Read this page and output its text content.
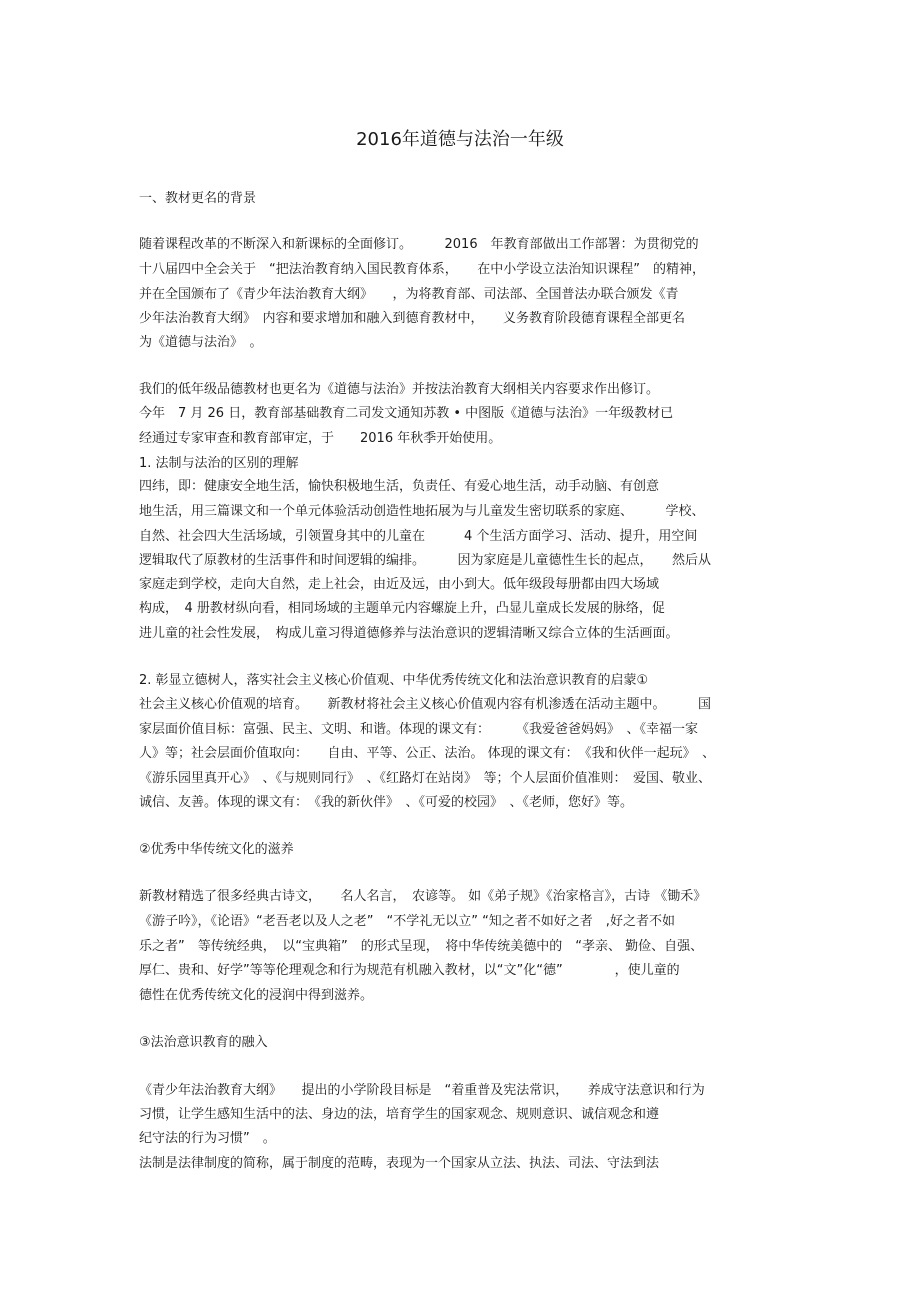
2016年道德与法治一年级
一、教材更名的背景
随着课程改革的不断深入和新课标的全面修订。　　　2016　年教育部做出工作部署：为贯彻党的
十八届四中全会关于　“把法治教育纳入国民教育体系，　　在中小学设立法治知识课程”　的精神，
并在全国颁布了《青少年法治教育大纲》　　，为将教育部、司法部、全国普法办联合颁发《青
少年法治教育大纲》　内容和要求增加和融入到德育教材中，　　义务教育阶段德育课程全部更名
为《道德与法治》　。
我们的低年级品德教材也更名为《道德与法治》并按法治教育大纲相关内容要求作出修订。
今年　7 月 26 日，教育部基础教育二司发文通知苏教 • 中图版《道德与法治》一年级教材已
经通过专家审查和教育部审定，于　　2016 年秋季开始使用。
1. 法制与法治的区别的理解
四纬，即：健康安全地生活，愉快积极地生活，负责任、有爱心地生活，动手动脑、有创意
地生活，用三篇课文和一个单元体验活动创造性地拓展为与儿童发生密切联系的家庭、　　　学校、
自然、社会四大生活场域，引领置身其中的儿童在　　　4 个生活方面学习、活动、提升，用空间
逻辑取代了原教材的生活事件和时间逻辑的编排。　　　因为家庭是儿童德性生长的起点，　　然后从
家庭走到学校，走向大自然，走上社会，由近及远，由小到大。低年级段每册都由四大场域
构成，　4 册教材纵向看，相同场域的主题单元内容螺旋上升，凸显儿童成长发展的脉络，促
进儿童的社会性发展，　构成儿童习得道德修养与法治意识的逻辑清晰又综合立体的生活画面。
2. 彰显立德树人，落实社会主义核心价值观、中华优秀传统文化和法治意识教育的启蒙①
社会主义核心价值观的培育。　　新教材将社会主义核心价值观内容有机渗透在活动主题中。　　　国
家层面价值目标：富强、民主、文明、和谐。体现的课文有：　　　《我爱爸爸妈妈》　、《幸福一家
人》等；社会层面价值取向：　　自由、平等、公正、法治。 体现的课文有：　《我和伙伴一起玩》　、
《游乐园里真开心》　、《与规则同行》　、《红路灯在站岗》　等；个人层面价值准则：　爱国、敬业、
诚信、友善。体现的课文有：　《我的新伙伴》　、《可爱的校园》　、《老师，您好》等。
②优秀中华传统文化的滋养
新教材精选了很多经典古诗文，　　名人名言，　农谚等。 如《弟子规》《治家格言》，古诗 《锄禾》
《游子吟》，《论语》“老吾老以及人之老”　“不学礼无以立” “知之者不如好之者　,好之者不如
乐之者”　等传统经典，　以“宝典箱”　的形式呈现，　将中华传统美德中的　“孝亲、 勤俭、自强、
厚仁、贵和、好学”等等伦理观念和行为规范有机融入教材，以“文”化“德”　　　　，使儿童的
德性在优秀传统文化的浸润中得到滋养。
③法治意识教育的融入
《青少年法治教育大纲》　　提出的小学阶段目标是　“着重普及宪法常识，　　养成守法意识和行为
习惯，让学生感知生活中的法、身边的法，培育学生的国家观念、规则意识、诚信观念和遵
纪守法的行为习惯”　。
法制是法律制度的简称，属于制度的范畴，表现为一个国家从立法、执法、司法、守法到法
